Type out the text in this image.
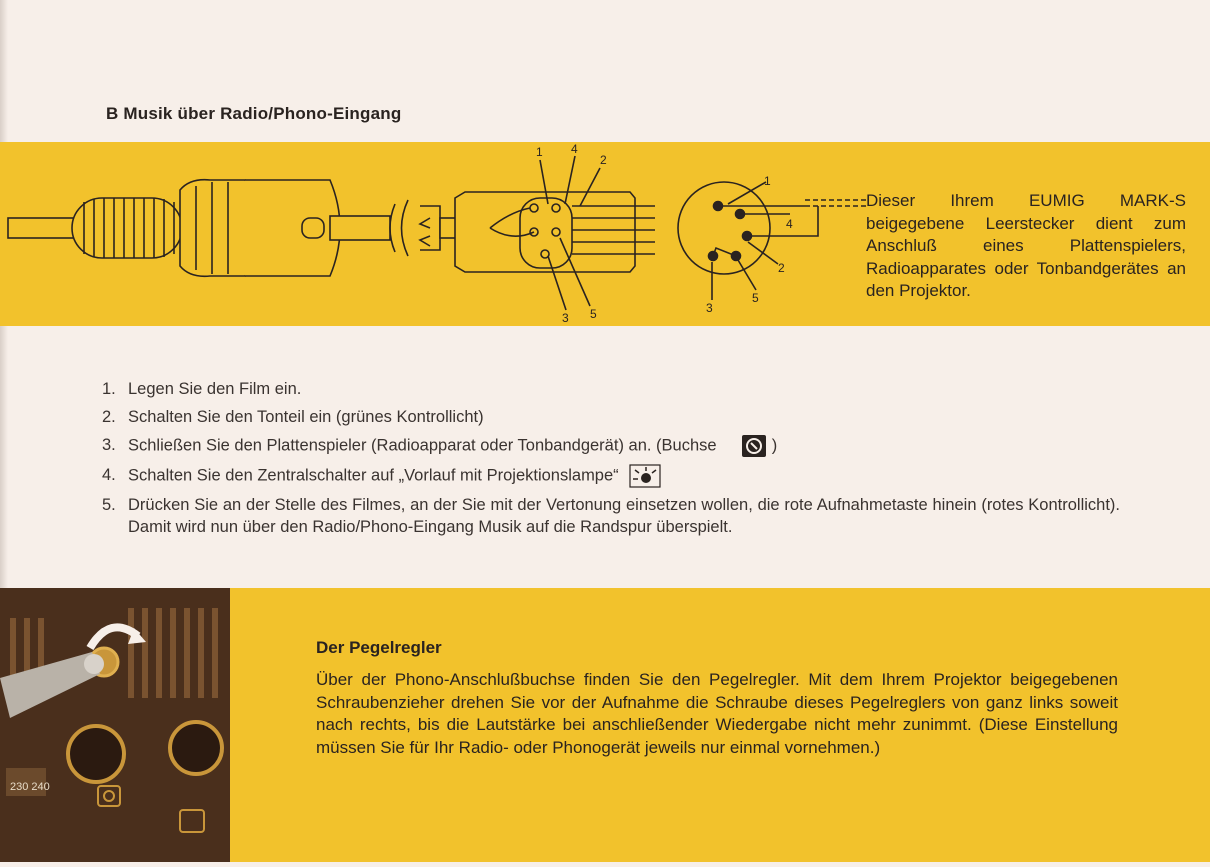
B Musik über Radio/Phono-Eingang
1 4
2
3 5
1
4
2
3
5
Dieser Ihrem EUMIG MARK-S beigegebene Leerstecker dient zum Anschluß eines Plattenspielers, Radioapparates oder Tonbandgerätes an den Projektor.
1. Legen Sie den Film ein.
2. Schalten Sie den Tonteil ein (grünes Kontrollicht)
3. Schließen Sie den Plattenspieler (Radioapparat oder Tonbandgerät) an. (Buchse	)
4. Schalten Sie den Zentralschalter auf „Vorlauf mit Projektionslampe“
5. Drücken Sie an der Stelle des Filmes, an der Sie mit der Vertonung einsetzen wollen, die rote Aufnahmetaste hinein (rotes Kontrollicht). Damit wird nun über den Radio/Phono-Eingang Musik auf die Randspur überspielt.
230 240
Der Pegelregler
Über der Phono-Anschlußbuchse finden Sie den Pegelregler. Mit dem Ihrem Projektor beigegebenen Schraubenzieher drehen Sie vor der Aufnahme die Schraube dieses Pegelreglers von ganz links soweit nach rechts, bis die Lautstärke bei anschließender Wiedergabe nicht mehr zunimmt. (Diese Einstellung müssen Sie für Ihr Radio- oder Phonogerät jeweils nur einmal vornehmen.)
